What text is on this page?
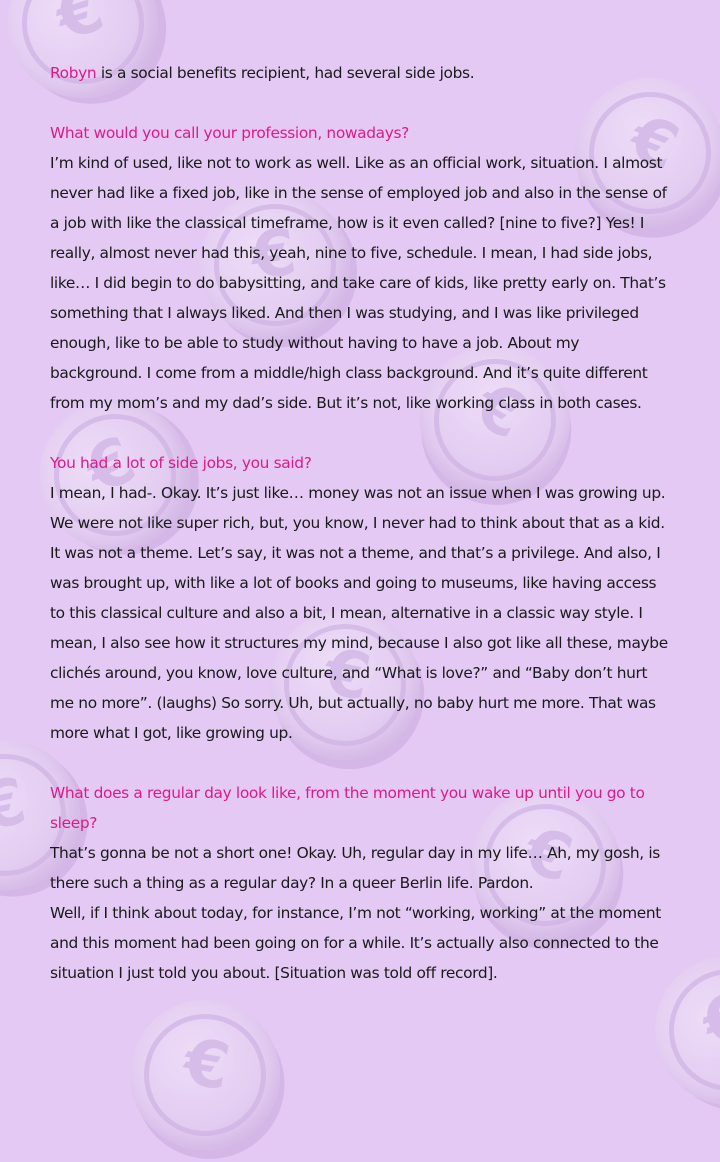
€
€
€
€
€
€
€
€
€
€

Robyn is a social benefits recipient, had several side jobs.

What would you call your profession, nowadays?

I’m kind of used, like not to work as well. Like as an official work, situation. I almost never had like a fixed job, like in the sense of employed job and also in the sense of a job with like the classical timeframe, how is it even called? [nine to five?] Yes! I really, almost never had this, yeah, nine to five, schedule. I mean, I had side jobs, like… I did begin to do babysitting, and take care of kids, like pretty early on. That’s something that I always liked. And then I was studying, and I was like privileged enough, like to be able to study without having to have a job. About my background. I come from a middle/high class background. And it’s quite different from my mom’s and my dad’s side. But it’s not, like working class in both cases.

You had a lot of side jobs, you said?

I mean, I had-. Okay. It’s just like… money was not an issue when I was growing up. We were not like super rich, but, you know, I never had to think about that as a kid. It was not a theme. Let’s say, it was not a theme, and that’s a privilege. And also, I was brought up, with like a lot of books and going to museums, like having access to this classical culture and also a bit, I mean, alternative in a classic way style. I mean, I also see how it structures my mind, because I also got like all these, maybe clichés around, you know, love culture, and “What is love?” and “Baby don’t hurt me no more”. (laughs) So sorry. Uh, but actually, no baby hurt me more. That was more what I got, like growing up.

What does a regular day look like, from the moment you wake up until you go to sleep?

That’s gonna be not a short one! Okay. Uh, regular day in my life… Ah, my gosh, is there such a thing as a regular day? In a queer Berlin life. Pardon.

Well, if I think about today, for instance, I’m not “working, working” at the moment and this moment had been going on for a while. It’s actually also connected to the situation I just told you about. [Situation was told off record].
